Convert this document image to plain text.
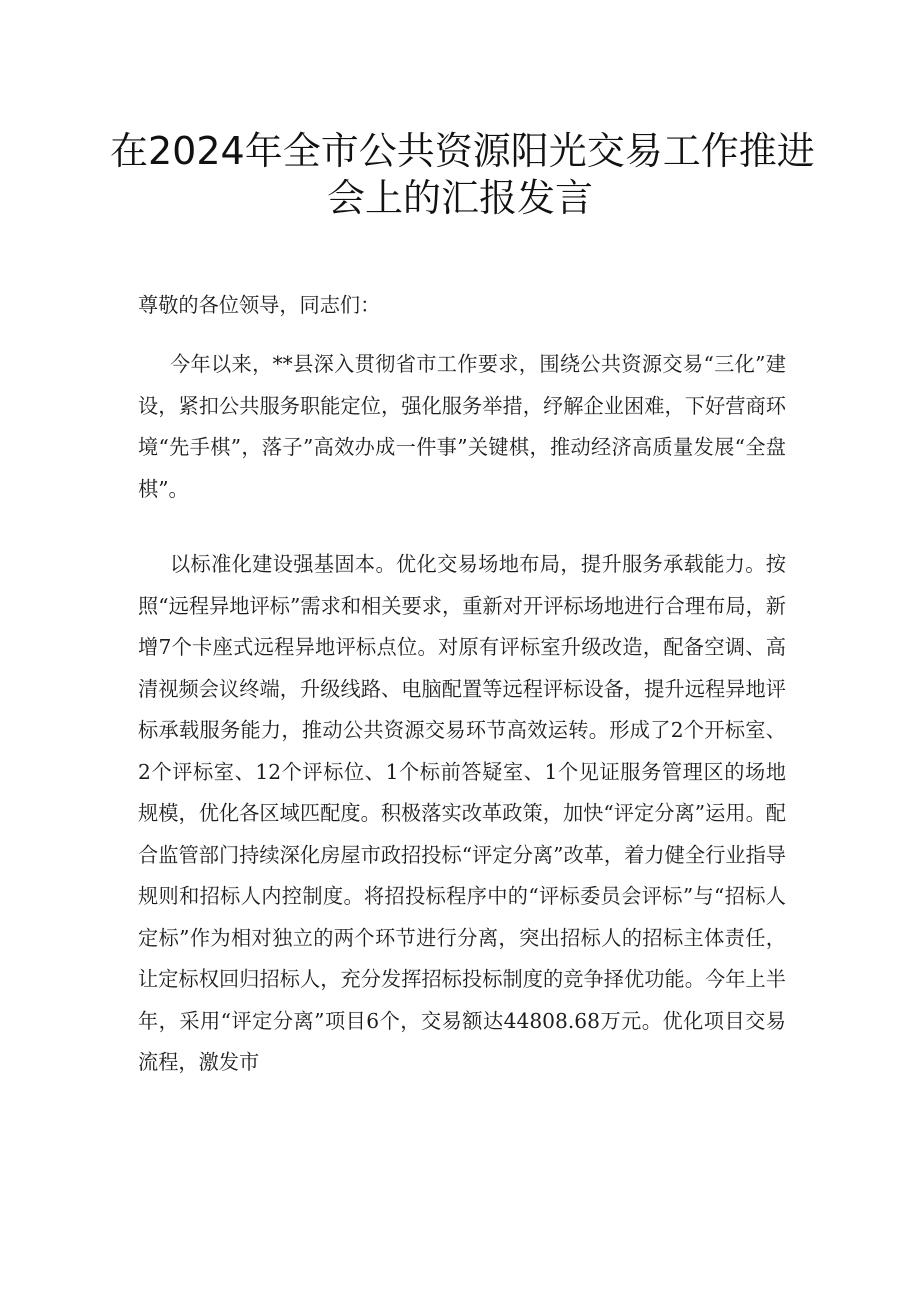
在2024年全市公共资源阳光交易工作推进
会上的汇报发言

尊敬的各位领导，同志们：

今年以来，**县深入贯彻省市工作要求，围绕公共资源交易“三化”建设，紧扣公共服务职能定位，强化服务举措，纾解企业困难，下好营商环境“先手棋”，落子”高效办成一件事”关键棋，推动经济高质量发展“全盘棋”。

以标准化建设强基固本。优化交易场地布局，提升服务承载能力。按照“远程异地评标”需求和相关要求，重新对开评标场地进行合理布局，新增7个卡座式远程异地评标点位。对原有评标室升级改造，配备空调、高清视频会议终端，升级线路、电脑配置等远程评标设备，提升远程异地评标承载服务能力，推动公共资源交易环节高效运转。形成了2个开标室、2个评标室、12个评标位、1个标前答疑室、1个见证服务管理区的场地规模，优化各区域匹配度。积极落实改革政策，加快“评定分离”运用。配合监管部门持续深化房屋市政招投标“评定分离”改革，着力健全行业指导规则和招标人内控制度。将招投标程序中的“评标委员会评标”与“招标人定标”作为相对独立的两个环节进行分离，突出招标人的招标主体责任，让定标权回归招标人，充分发挥招标投标制度的竞争择优功能。今年上半年，采用“评定分离”项目6个，交易额达44808.68万元。优化项目交易流程，激发市
